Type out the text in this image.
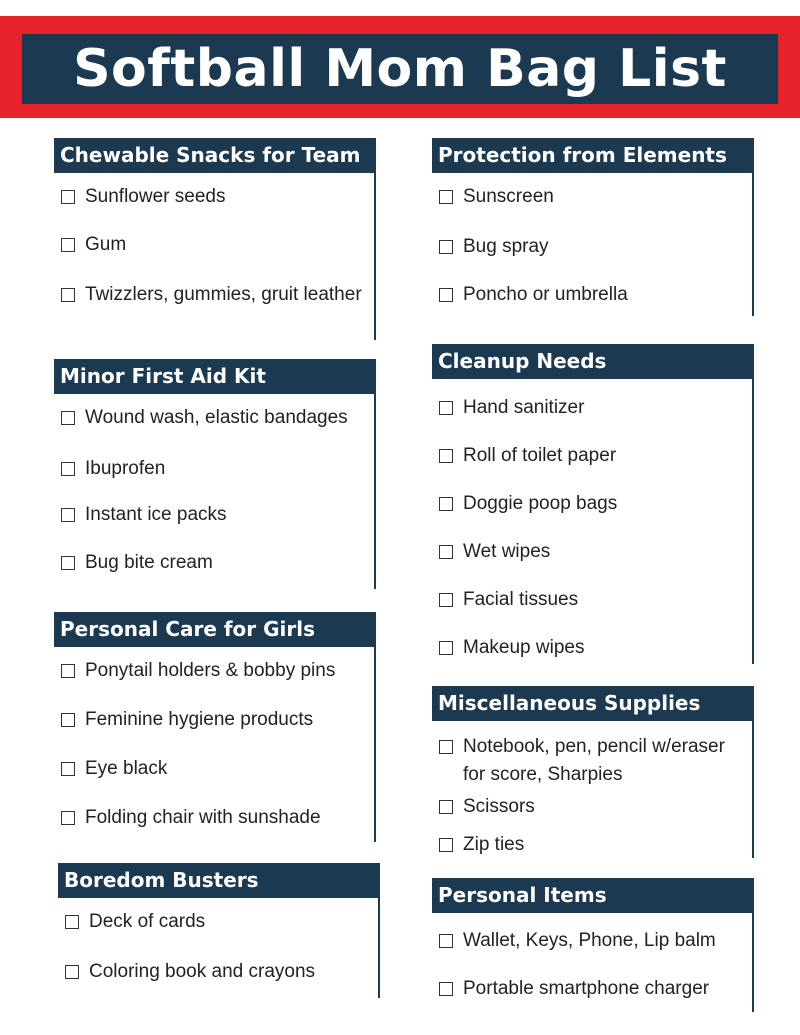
Softball Mom Bag List
Chewable Snacks for Team
Sunflower seeds
Gum
Twizzlers, gummies, gruit leather
Minor First Aid Kit
Wound wash, elastic bandages
Ibuprofen
Instant ice packs
Bug bite cream
Personal Care for Girls
Ponytail holders & bobby pins
Feminine hygiene products
Eye black
Folding chair with sunshade
Boredom Busters
Deck of cards
Coloring book and crayons
Protection from Elements
Sunscreen
Bug spray
Poncho or umbrella
Cleanup Needs
Hand sanitizer
Roll of toilet paper
Doggie poop bags
Wet wipes
Facial tissues
Makeup wipes
Miscellaneous Supplies
Notebook, pen, pencil w/eraser for score, Sharpies
Scissors
Zip ties
Personal Items
Wallet, Keys, Phone, Lip balm
Portable smartphone charger
